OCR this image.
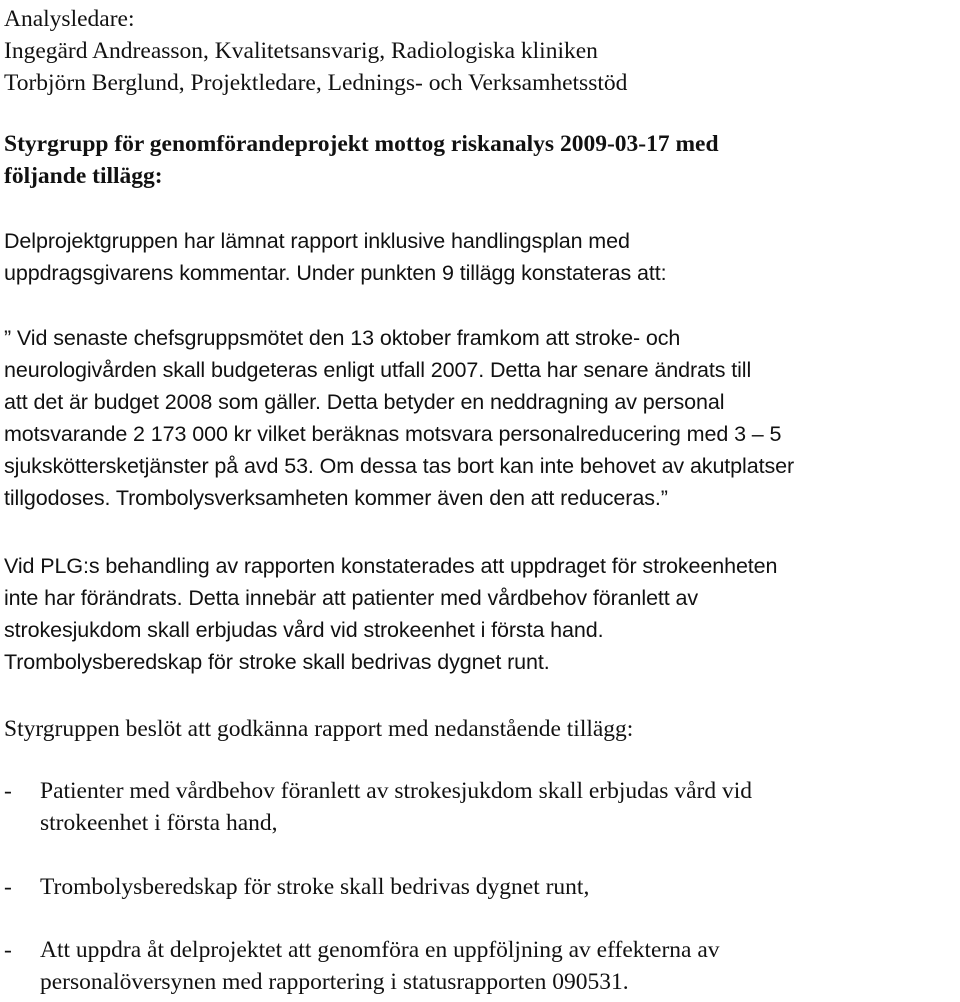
Analysledare:
Ingegärd Andreasson, Kvalitetsansvarig, Radiologiska kliniken
Torbjörn Berglund, Projektledare, Lednings- och Verksamhetsstöd
Styrgrupp för genomförandeprojekt mottog riskanalys 2009-03-17 med
följande tillägg:
Delprojektgruppen har lämnat rapport inklusive handlingsplan med
uppdragsgivarens kommentar. Under punkten 9 tillägg konstateras att:
” Vid senaste chefsgruppsmötet den 13 oktober framkom att stroke- och
neurologivården skall budgeteras enligt utfall 2007. Detta har senare ändrats till
att det är budget 2008 som gäller. Detta betyder en neddragning av personal
motsvarande 2 173 000 kr vilket beräknas motsvara personalreducering med 3 – 5
sjuksköttersketjänster på avd 53. Om dessa tas bort kan inte behovet av akutplatser
tillgodoses. Trombolysverksamheten kommer även den att reduceras.”
Vid PLG:s behandling av rapporten konstaterades att uppdraget för strokeenheten
inte har förändrats. Detta innebär att patienter med vårdbehov föranlett av
strokesjukdom skall erbjudas vård vid strokeenhet i första hand.
Trombolysberedskap för stroke skall bedrivas dygnet runt.
Styrgruppen beslöt att godkänna rapport med nedanstående tillägg:
- Patienter med vårdbehov föranlett av strokesjukdom skall erbjudas vård vid
strokeenhet i första hand,
- Trombolysberedskap för stroke skall bedrivas dygnet runt,
- Att uppdra åt delprojektet att genomföra en uppföljning av effekterna av
personalöversynen med rapportering i statusrapporten 090531.
